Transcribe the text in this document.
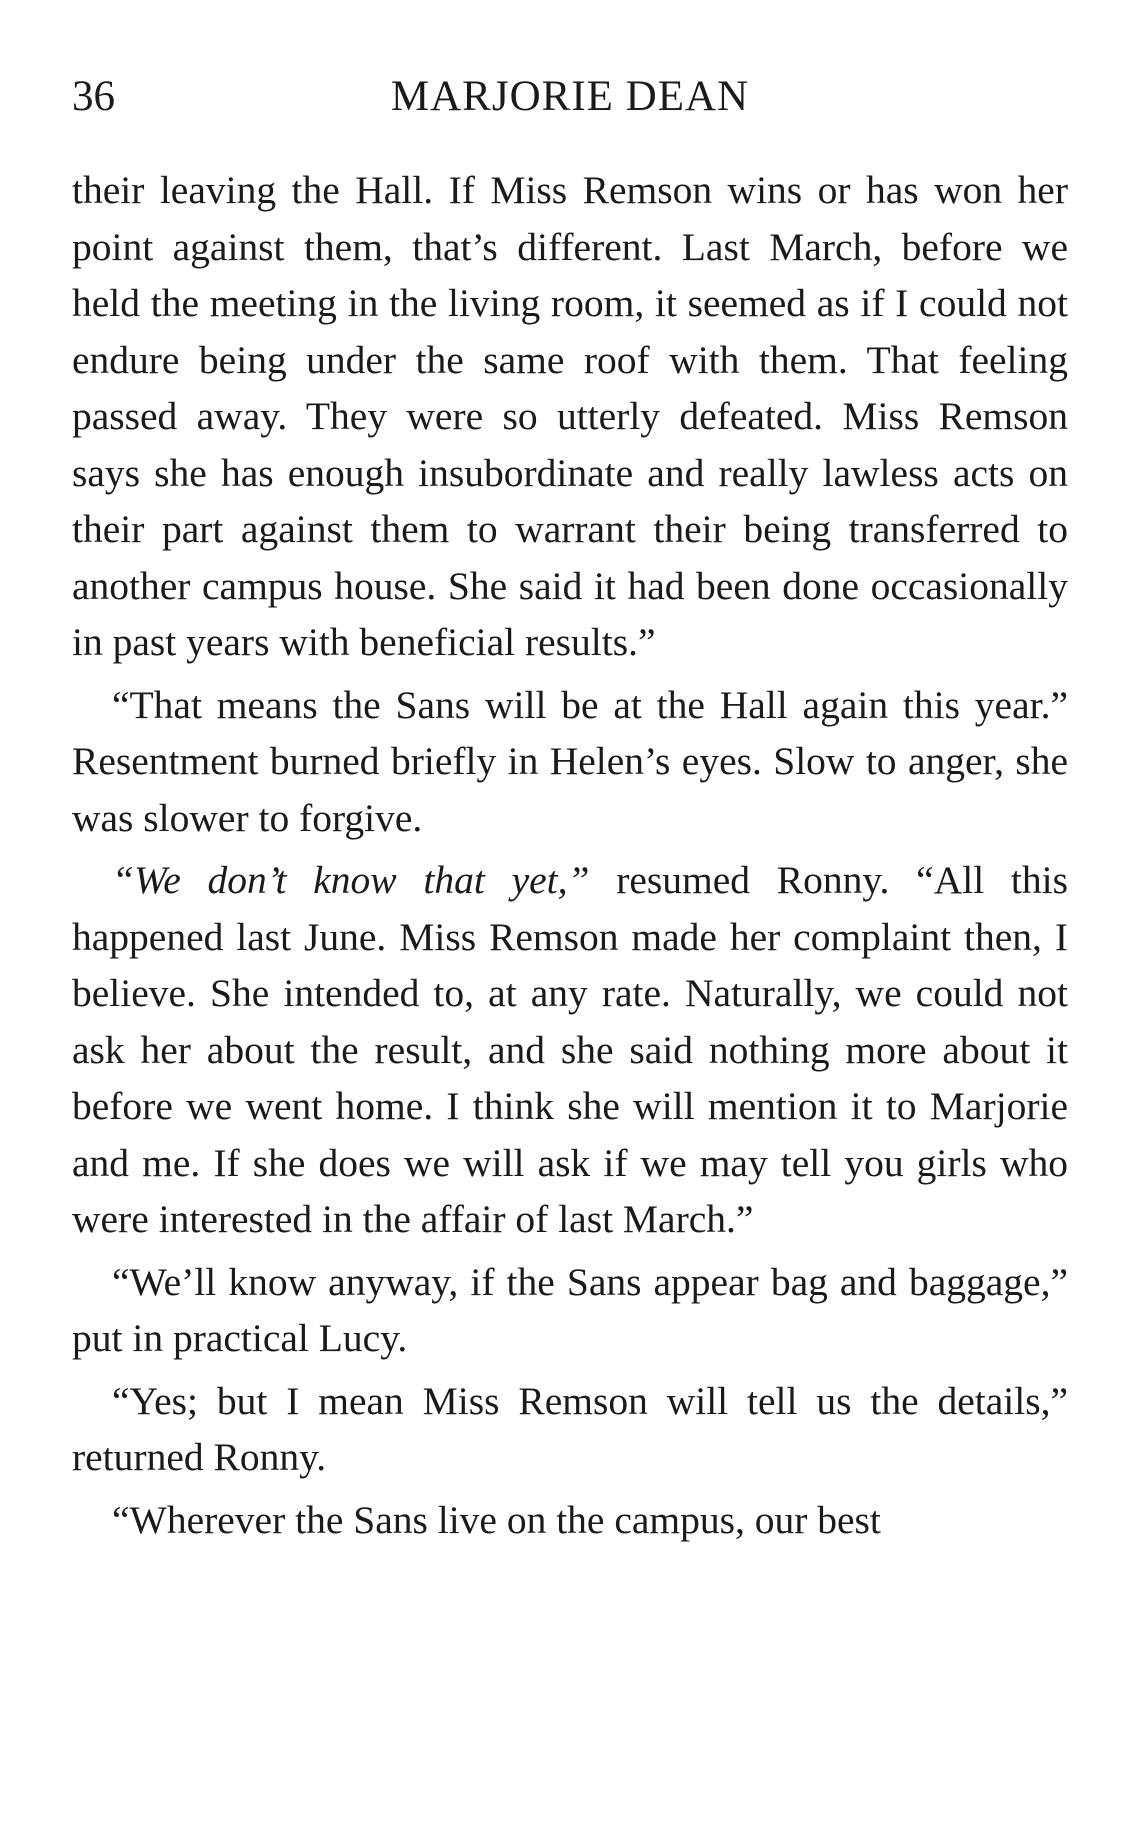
36	MARJORIE DEAN

their leaving the Hall. If Miss Remson wins or has won her point against them, that’s different. Last March, before we held the meeting in the living room, it seemed as if I could not endure being under the same roof with them. That feeling passed away. They were so utterly defeated. Miss Remson says she has enough insubordinate and really lawless acts on their part against them to warrant their being transferred to another campus house. She said it had been done occasionally in past years with beneficial results.”

“That means the Sans will be at the Hall again this year.” Resentment burned briefly in Helen’s eyes. Slow to anger, she was slower to forgive.

“We don’t know that yet,” resumed Ronny. “All this happened last June. Miss Remson made her complaint then, I believe. She intended to, at any rate. Naturally, we could not ask her about the result, and she said nothing more about it before we went home. I think she will mention it to Marjorie and me. If she does we will ask if we may tell you girls who were interested in the affair of last March.”

“We’ll know anyway, if the Sans appear bag and baggage,” put in practical Lucy.

“Yes; but I mean Miss Remson will tell us the details,” returned Ronny.

“Wherever the Sans live on the campus, our best
